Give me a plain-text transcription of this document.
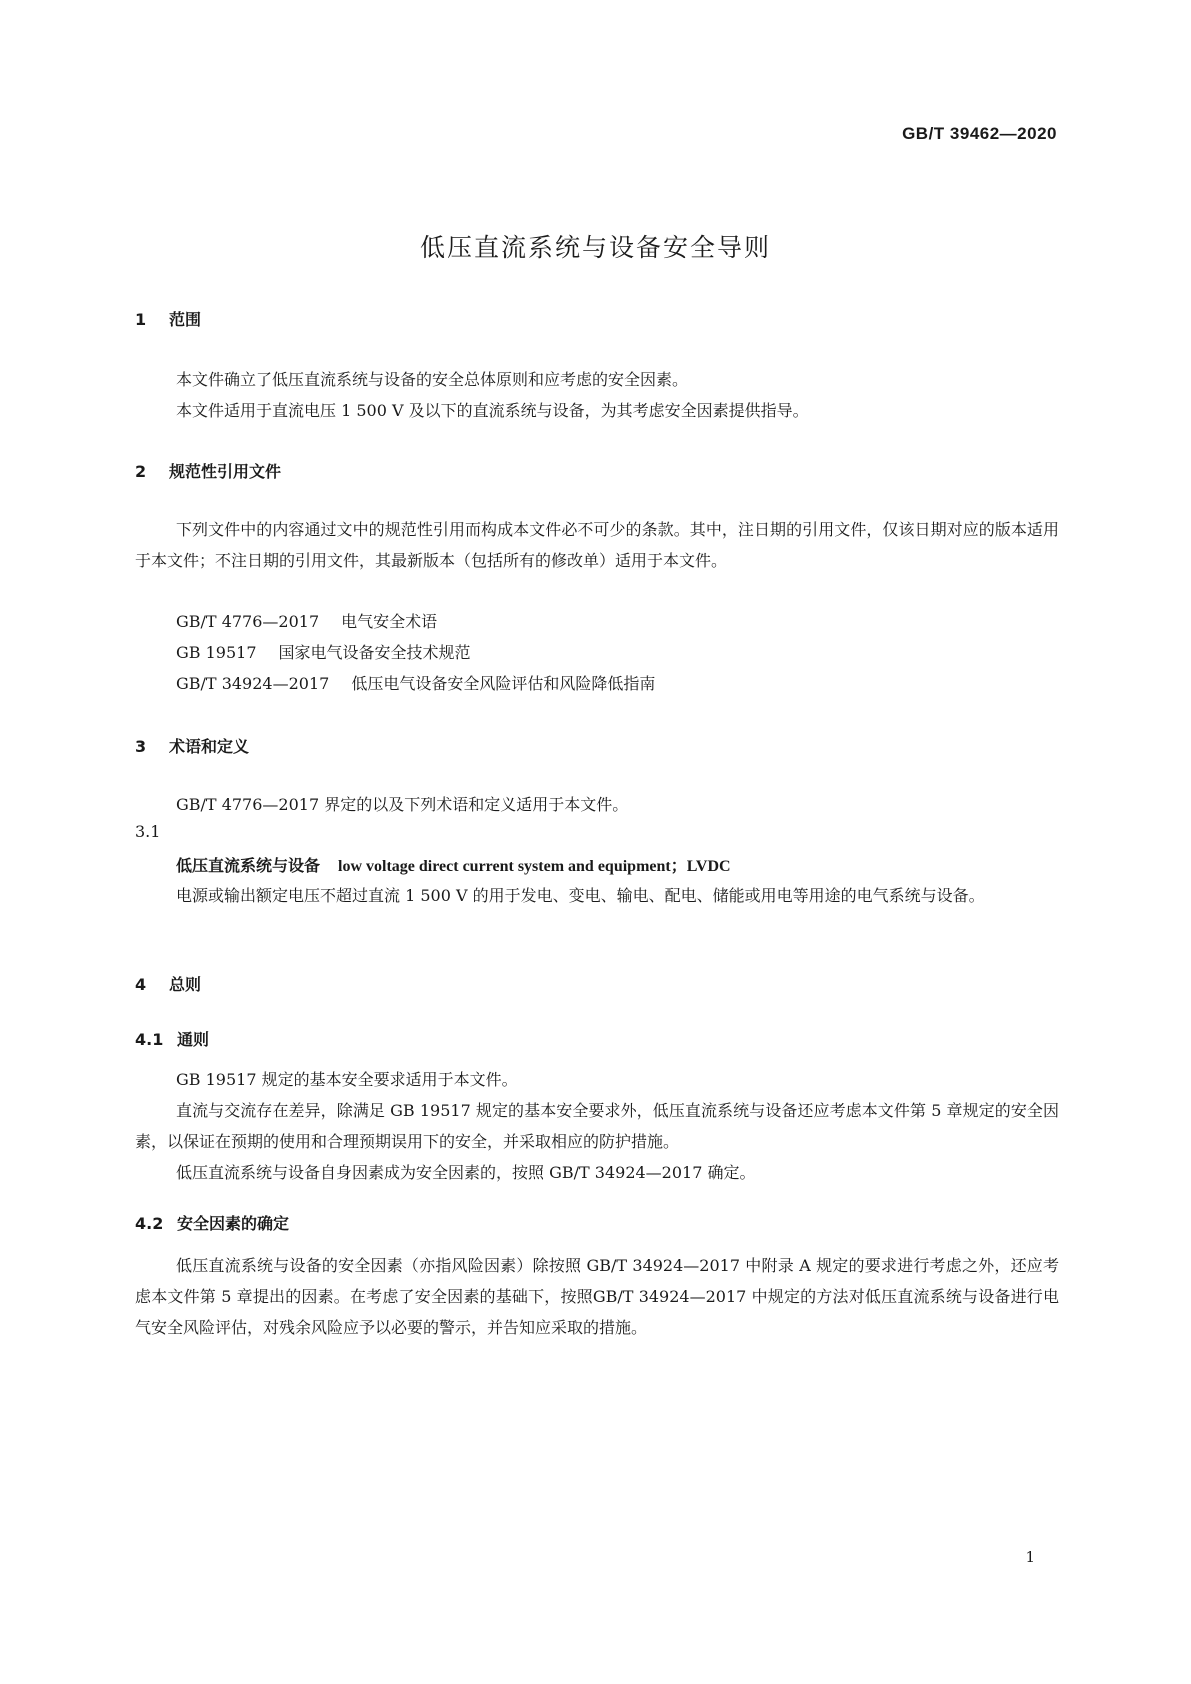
GB/T 39462—2020
低压直流系统与设备安全导则
1 范围
本文件确立了低压直流系统与设备的安全总体原则和应考虑的安全因素。
本文件适用于直流电压 1 500 V 及以下的直流系统与设备，为其考虑安全因素提供指导。
2 规范性引用文件
下列文件中的内容通过文中的规范性引用而构成本文件必不可少的条款。其中，注日期的引用文件，仅该日期对应的版本适用于本文件；不注日期的引用文件，其最新版本（包括所有的修改单）适用于本文件。
GB/T 4776—2017 电气安全术语
GB 19517 国家电气设备安全技术规范
GB/T 34924—2017 低压电气设备安全风险评估和风险降低指南
3 术语和定义
GB/T 4776—2017 界定的以及下列术语和定义适用于本文件。
3.1
低压直流系统与设备 low voltage direct current system and equipment；LVDC
电源或输出额定电压不超过直流 1 500 V 的用于发电、变电、输电、配电、储能或用电等用途的电气系统与设备。
4 总则
4.1 通则
GB 19517 规定的基本安全要求适用于本文件。
直流与交流存在差异，除满足 GB 19517 规定的基本安全要求外，低压直流系统与设备还应考虑本文件第 5 章规定的安全因素，以保证在预期的使用和合理预期误用下的安全，并采取相应的防护措施。
低压直流系统与设备自身因素成为安全因素的，按照 GB/T 34924—2017 确定。
4.2 安全因素的确定
低压直流系统与设备的安全因素（亦指风险因素）除按照 GB/T 34924—2017 中附录 A 规定的要求进行考虑之外，还应考虑本文件第 5 章提出的因素。在考虑了安全因素的基础下，按照GB/T 34924—2017 中规定的方法对低压直流系统与设备进行电气安全风险评估，对残余风险应予以必要的警示，并告知应采取的措施。
1
